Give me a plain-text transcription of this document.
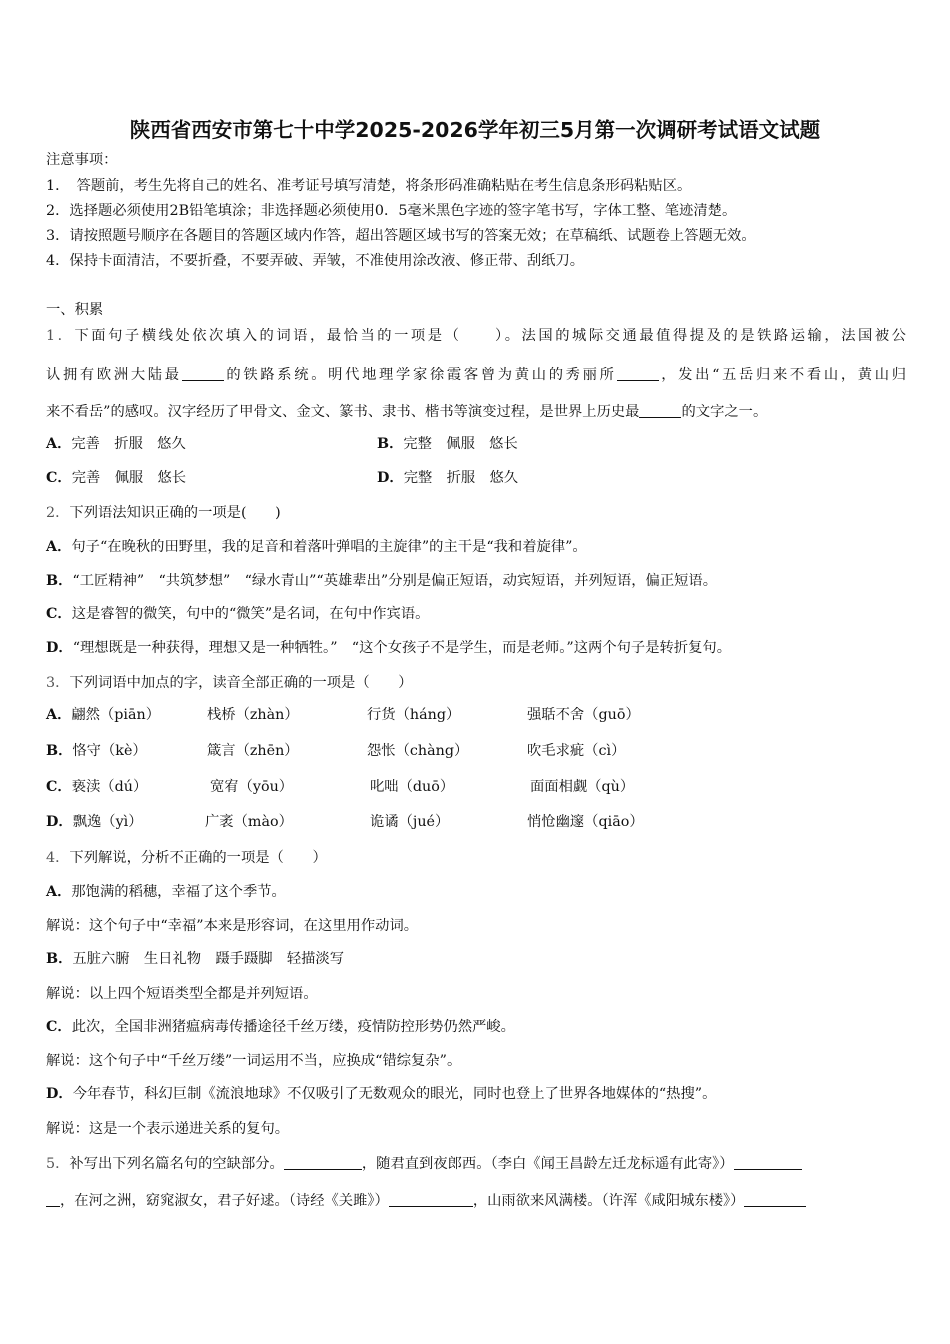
陕西省西安市第七十中学2025-2026学年初三5月第一次调研考试语文试题
注意事项：
1．　答题前，考生先将自己的姓名、准考证号填写清楚，将条形码准确粘贴在考生信息条形码粘贴区。
2．选择题必须使用2B铅笔填涂；非选择题必须使用0．5毫米黑色字迹的签字笔书写，字体工整、笔迹清楚。
3．请按照题号顺序在各题目的答题区域内作答，超出答题区域书写的答案无效；在草稿纸、试题卷上答题无效。
4．保持卡面清洁，不要折叠，不要弄破、弄皱，不准使用涂改液、修正带、刮纸刀。
一、积累
1．下面句子横线处依次填入的词语，最恰当的一项是（　　）。法国的城际交通最值得提及的是铁路运输，法国被公
认拥有欧洲大陆最	的铁路系统。明代地理学家徐霞客曾为黄山的秀丽所	，发出“五岳归来不看山，黄山归
来不看岳”的感叹。汉字经历了甲骨文、金文、篆书、隶书、楷书等演变过程，是世界上历史最	的文字之一。
A．完善　折服　悠久	B．完整　佩服　悠长
C．完善　佩服　悠长	D．完整　折服　悠久
2．下列语法知识正确的一项是(　　)
A．句子“在晚秋的田野里，我的足音和着落叶弹唱的主旋律”的主干是“我和着旋律”。
B．“工匠精神”　“共筑梦想”　“绿水青山”“英雄辈出”分别是偏正短语，动宾短语，并列短语，偏正短语。
C．这是睿智的微笑，句中的“微笑”是名词，在句中作宾语。
D．“理想既是一种获得，理想又是一种牺牲。”　“这个女孩子不是学生，而是老师。”这两个句子是转折复句。
3．下列词语中加点的字，读音全部正确的一项是（　　）
A．翩然（piān）	栈桥（zhàn）	行货（háng）	强聒不舍（guō）
B．恪守（kè）	箴言（zhēn）	怨怅（chàng）	吹毛求疵（cì）
C．亵渎（dú）	宽宥（yōu）	叱咄（duō）	面面相觑（qù）
D．飘逸（yì）	广袤（mào）	诡谲（jué）	悄怆幽邃（qiāo）
4．下列解说，分析不正确的一项是（　　）
A．那饱满的稻穗，幸福了这个季节。
解说：这个句子中“幸福”本来是形容词，在这里用作动词。
B．五脏六腑　生日礼物　蹑手蹑脚　轻描淡写
解说：以上四个短语类型全都是并列短语。
C．此次，全国非洲猪瘟病毒传播途径千丝万缕，疫情防控形势仍然严峻。
解说：这个句子中“千丝万缕”一词运用不当，应换成“错综复杂”。
D．今年春节，科幻巨制《流浪地球》不仅吸引了无数观众的眼光，同时也登上了世界各地媒体的“热搜”。
解说：这是一个表示递进关系的复句。
5．补写出下列名篇名句的空缺部分。	，随君直到夜郎西。（李白《闻王昌龄左迁龙标遥有此寄》）
，在河之洲，窈窕淑女，君子好逑。（诗经《关雎》）	，山雨欲来风满楼。（许浑《咸阳城东楼》）
